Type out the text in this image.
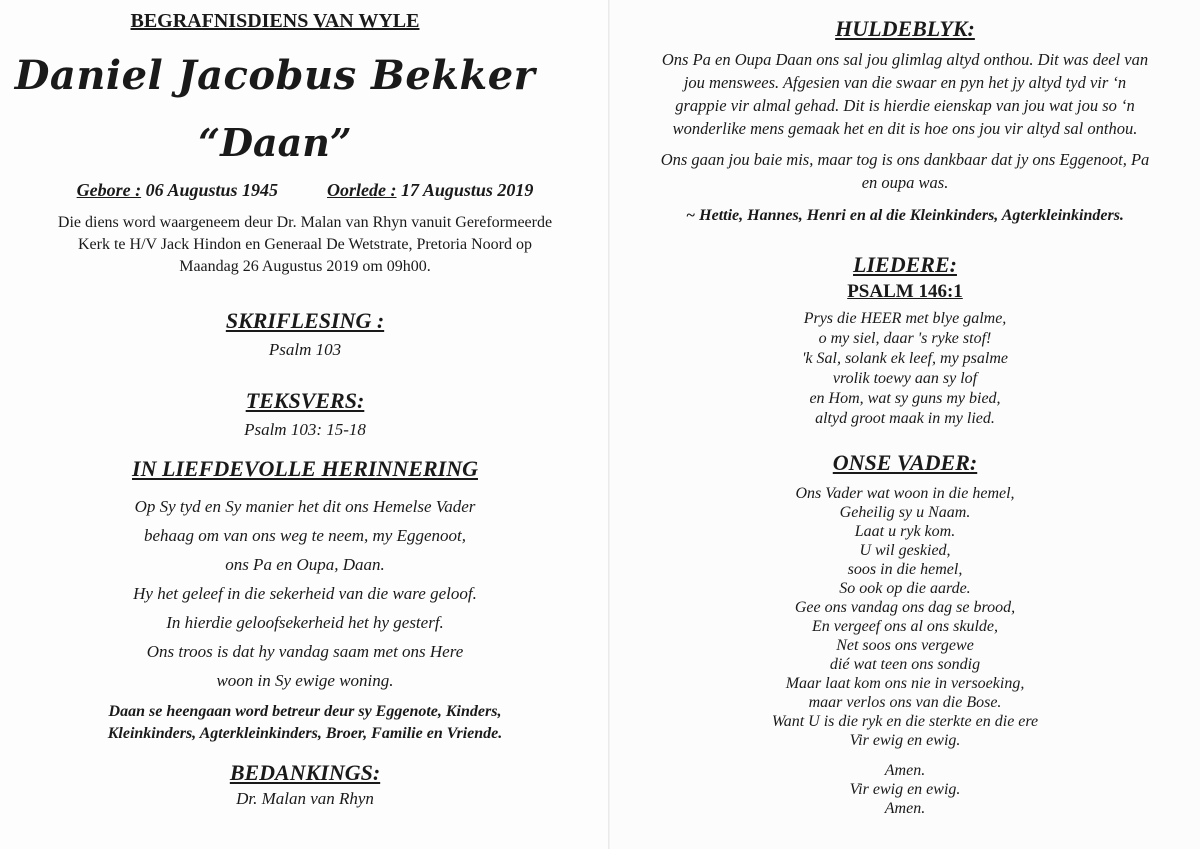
BEGRAFNISDIENS VAN WYLE
Daniel Jacobus Bekker
“Daan”
Gebore : 06 Augustus 1945	Oorlede : 17 Augustus 2019
Die diens word waargeneem deur Dr. Malan van Rhyn vanuit Gereformeerde
Kerk te H/V Jack Hindon en Generaal De Wetstrate, Pretoria Noord op
Maandag 26 Augustus 2019 om 09h00.
SKRIFLESING :
Psalm 103
TEKSVERS:
Psalm 103: 15-18
IN LIEFDEVOLLE HERINNERING
Op Sy tyd en Sy manier het dit ons Hemelse Vader
behaag om van ons weg te neem, my Eggenoot,
ons Pa en Oupa, Daan.
Hy het geleef in die sekerheid van die ware geloof.
In hierdie geloofsekerheid het hy gesterf.
Ons troos is dat hy vandag saam met ons Here
woon in Sy ewige woning.
Daan se heengaan word betreur deur sy Eggenote, Kinders,
Kleinkinders, Agterkleinkinders, Broer, Familie en Vriende.
BEDANKINGS:
Dr. Malan van Rhyn
HULDEBLYK:
Ons Pa en Oupa Daan ons sal jou glimlag altyd onthou. Dit was deel van
jou menswees. Afgesien van die swaar en pyn het jy altyd tyd vir ‘n
grappie vir almal gehad. Dit is hierdie eienskap van jou wat jou so ‘n
wonderlike mens gemaak het en dit is hoe ons jou vir altyd sal onthou.
Ons gaan jou baie mis, maar tog is ons dankbaar dat jy ons Eggenoot, Pa
en oupa was.
~ Hettie, Hannes, Henri en al die Kleinkinders, Agterkleinkinders.
LIEDERE:
PSALM 146:1
Prys die HEER met blye galme,
o my siel, daar 's ryke stof!
'k Sal, solank ek leef, my psalme
vrolik toewy aan sy lof
en Hom, wat sy guns my bied,
altyd groot maak in my lied.
ONSE VADER:
Ons Vader wat woon in die hemel,
Geheilig sy u Naam.
Laat u ryk kom.
U wil geskied,
soos in die hemel,
So ook op die aarde.
Gee ons vandag ons dag se brood,
En vergeef ons al ons skulde,
Net soos ons vergewe
dié wat teen ons sondig
Maar laat kom ons nie in versoeking,
maar verlos ons van die Bose.
Want U is die ryk en die sterkte en die ere
Vir ewig en ewig.
Amen.
Vir ewig en ewig.
Amen.
